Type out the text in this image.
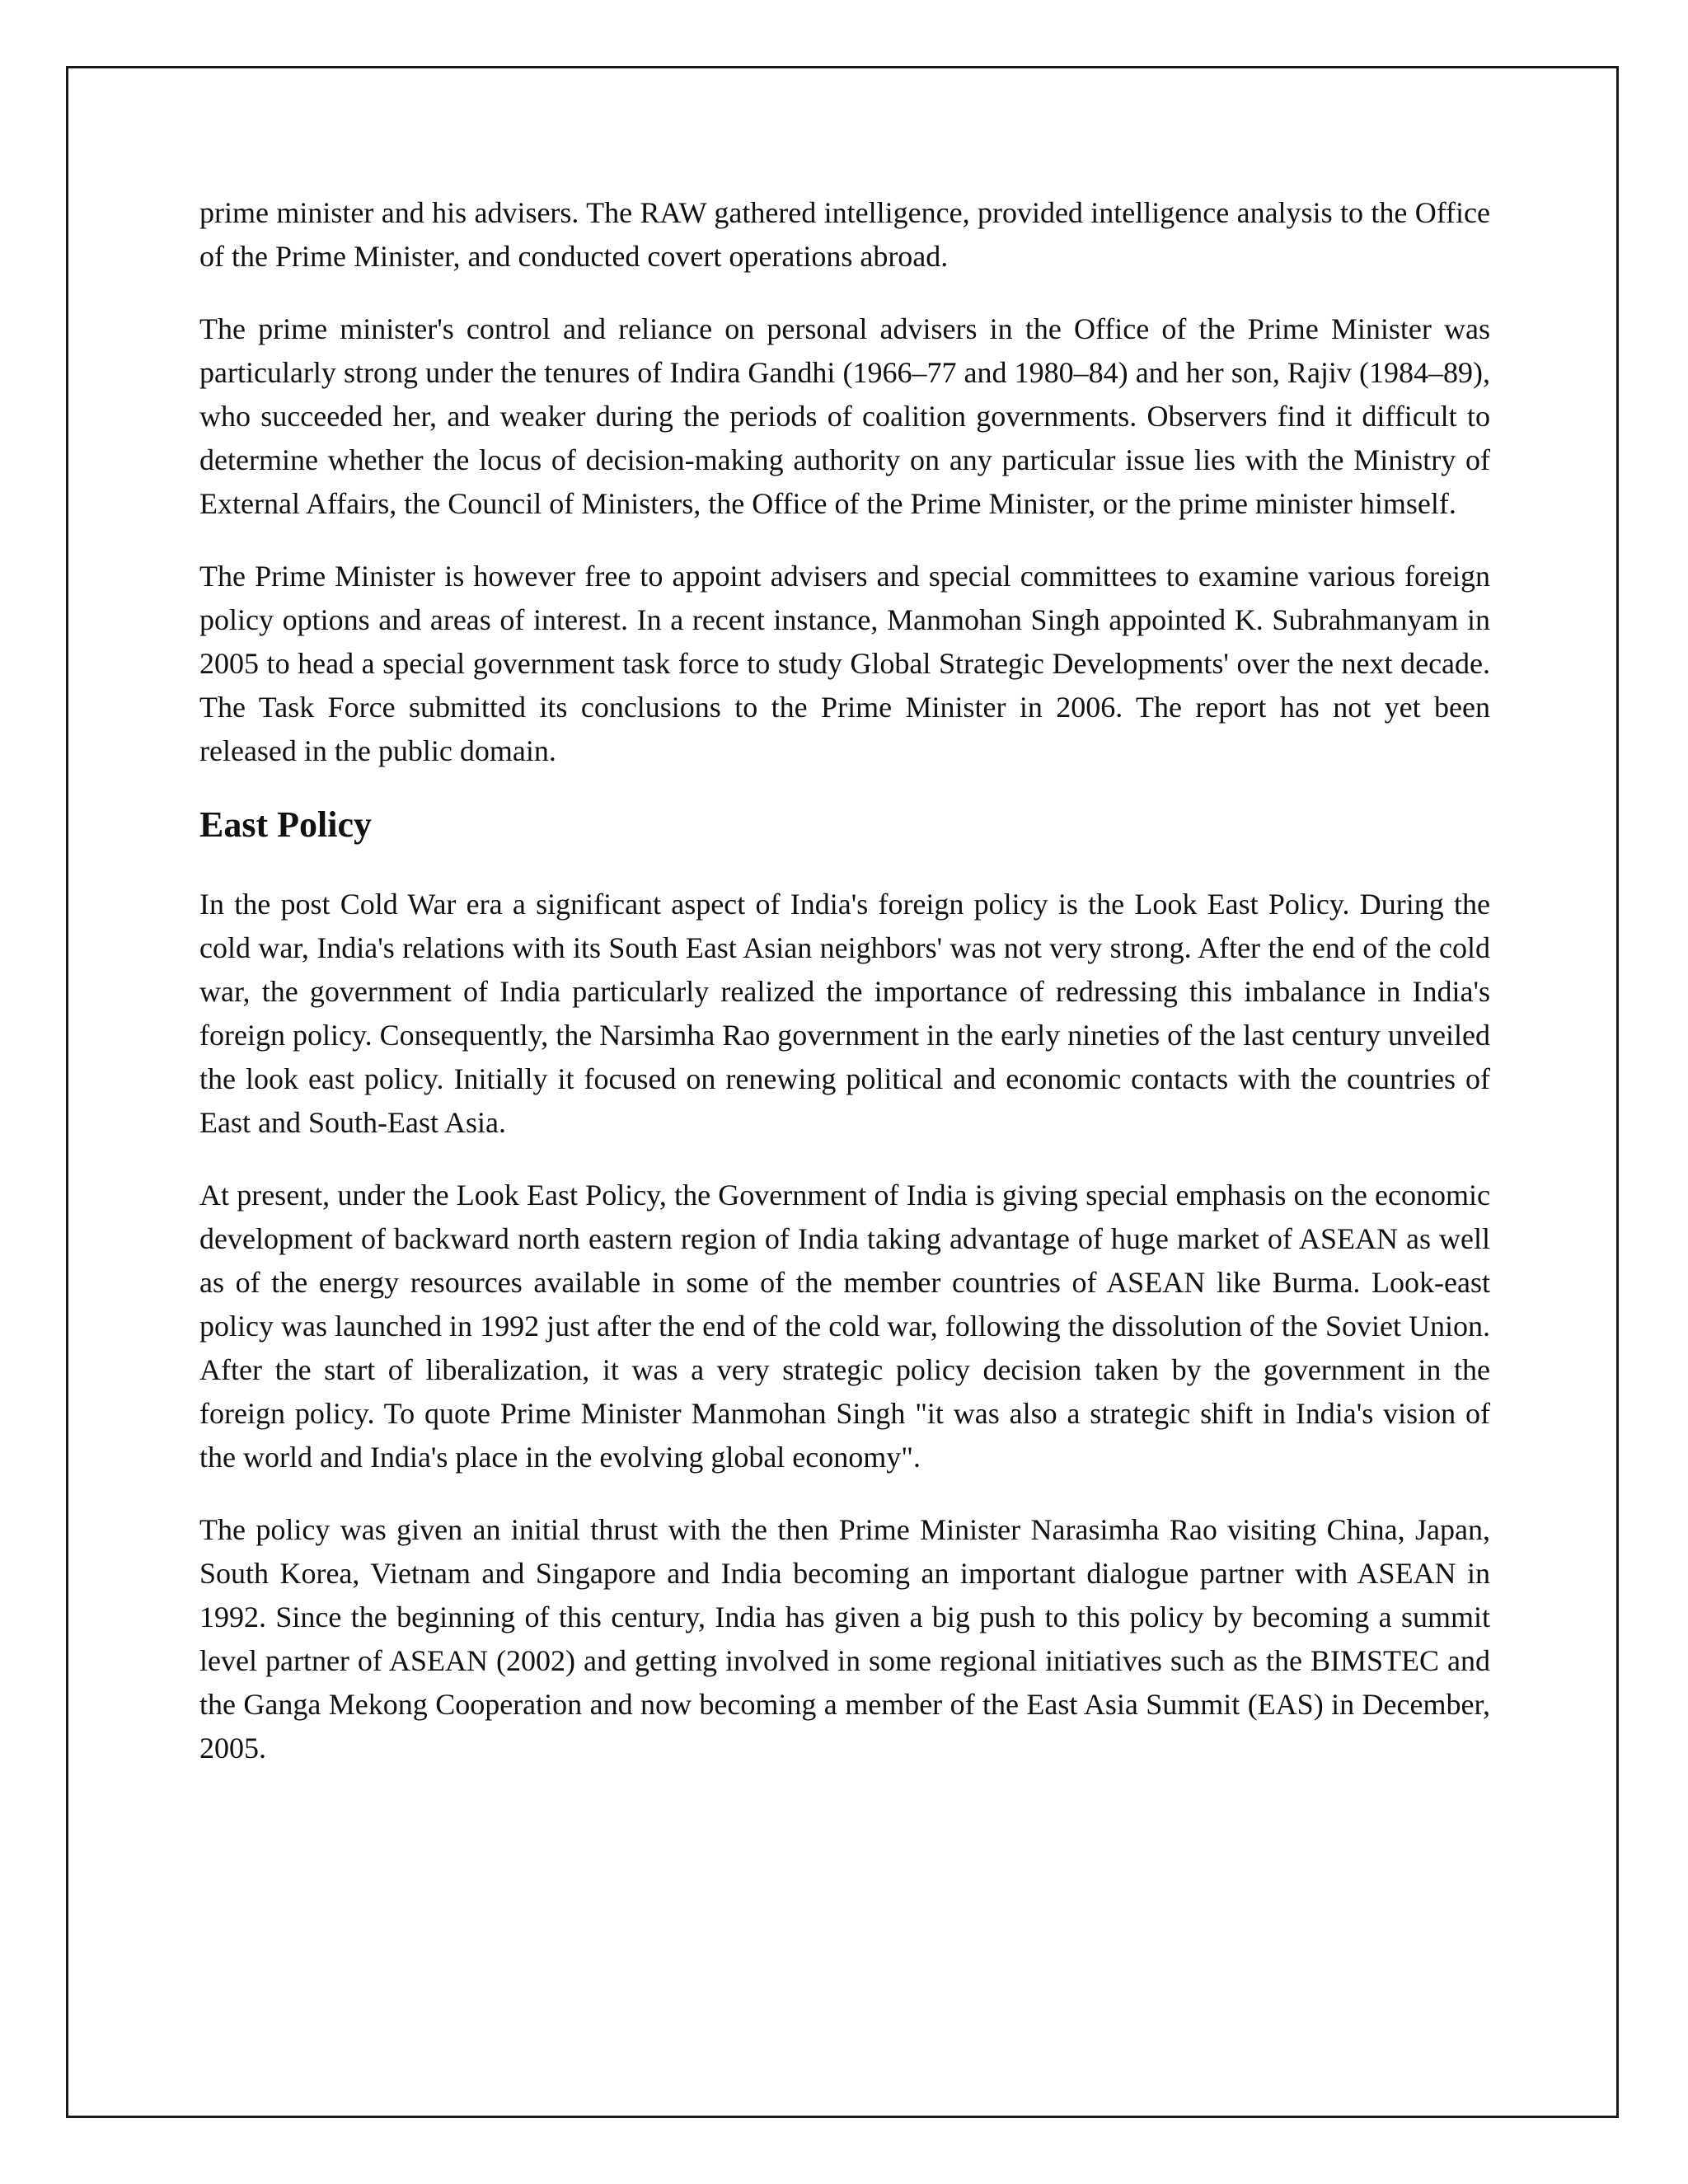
prime minister and his advisers. The RAW gathered intelligence, provided intelligence analysis to the Office of the Prime Minister, and conducted covert operations abroad.

The prime minister's control and reliance on personal advisers in the Office of the Prime Minister was particularly strong under the tenures of Indira Gandhi (1966–77 and 1980–84) and her son, Rajiv (1984–89), who succeeded her, and weaker during the periods of coalition governments. Observers find it difficult to determine whether the locus of decision-making authority on any particular issue lies with the Ministry of External Affairs, the Council of Ministers, the Office of the Prime Minister, or the prime minister himself.

The Prime Minister is however free to appoint advisers and special committees to examine various foreign policy options and areas of interest. In a recent instance, Manmohan Singh appointed K. Subrahmanyam in 2005 to head a special government task force to study Global Strategic Developments' over the next decade. The Task Force submitted its conclusions to the Prime Minister in 2006. The report has not yet been released in the public domain.

East Policy

In the post Cold War era a significant aspect of India's foreign policy is the Look East Policy. During the cold war, India's relations with its South East Asian neighbors' was not very strong. After the end of the cold war, the government of India particularly realized the importance of redressing this imbalance in India's foreign policy. Consequently, the Narsimha Rao government in the early nineties of the last century unveiled the look east policy. Initially it focused on renewing political and economic contacts with the countries of East and South-East Asia.

At present, under the Look East Policy, the Government of India is giving special emphasis on the economic development of backward north eastern region of India taking advantage of huge market of ASEAN as well as of the energy resources available in some of the member countries of ASEAN like Burma. Look-east policy was launched in 1992 just after the end of the cold war, following the dissolution of the Soviet Union. After the start of liberalization, it was a very strategic policy decision taken by the government in the foreign policy. To quote Prime Minister Manmohan Singh "it was also a strategic shift in India's vision of the world and India's place in the evolving global economy".

The policy was given an initial thrust with the then Prime Minister Narasimha Rao visiting China, Japan, South Korea, Vietnam and Singapore and India becoming an important dialogue partner with ASEAN in 1992. Since the beginning of this century, India has given a big push to this policy by becoming a summit level partner of ASEAN (2002) and getting involved in some regional initiatives such as the BIMSTEC and the Ganga Mekong Cooperation and now becoming a member of the East Asia Summit (EAS) in December, 2005.
